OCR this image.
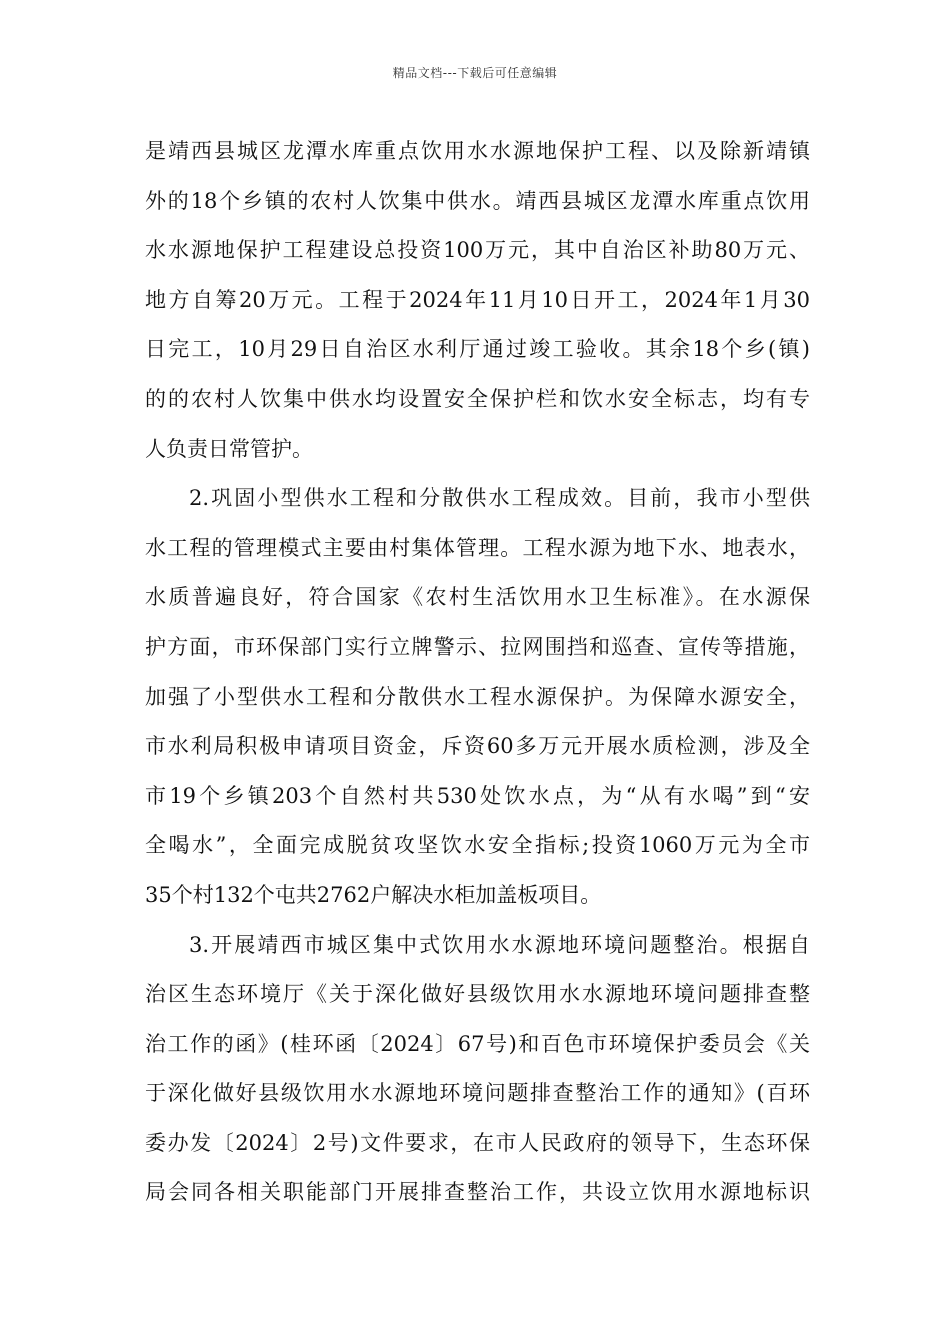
精品文档---下载后可任意编辑
是靖西县城区龙潭水库重点饮用水水源地保护工程、以及除新靖镇
外的18个乡镇的农村人饮集中供水。靖西县城区龙潭水库重点饮用
水水源地保护工程建设总投资100万元，其中自治区补助80万元、
地方自筹20万元。工程于2024年11月10日开工，2024年1月30
日完工，10月29日自治区水利厅通过竣工验收。其余18个乡(镇)
的的农村人饮集中供水均设置安全保护栏和饮水安全标志，均有专
人负责日常管护。
2.巩固小型供水工程和分散供水工程成效。目前，我市小型供
水工程的管理模式主要由村集体管理。工程水源为地下水、地表水，
水质普遍良好，符合国家《农村生活饮用水卫生标准》。在水源保
护方面，市环保部门实行立牌警示、拉网围挡和巡查、宣传等措施，
加强了小型供水工程和分散供水工程水源保护。为保障水源安全，
市水利局积极申请项目资金，斥资60多万元开展水质检测，涉及全
市19个乡镇203个自然村共530处饮水点，为“从有水喝”到“安
全喝水”，全面完成脱贫攻坚饮水安全指标;投资1060万元为全市
35个村132个屯共2762户解决水柜加盖板项目。
3.开展靖西市城区集中式饮用水水源地环境问题整治。根据自
治区生态环境厅《关于深化做好县级饮用水水源地环境问题排查整
治工作的函》(桂环函〔2024〕67号)和百色市环境保护委员会《关
于深化做好县级饮用水水源地环境问题排查整治工作的通知》(百环
委办发〔2024〕2号)文件要求，在市人民政府的领导下，生态环保
局会同各相关职能部门开展排查整治工作，共设立饮用水源地标识
